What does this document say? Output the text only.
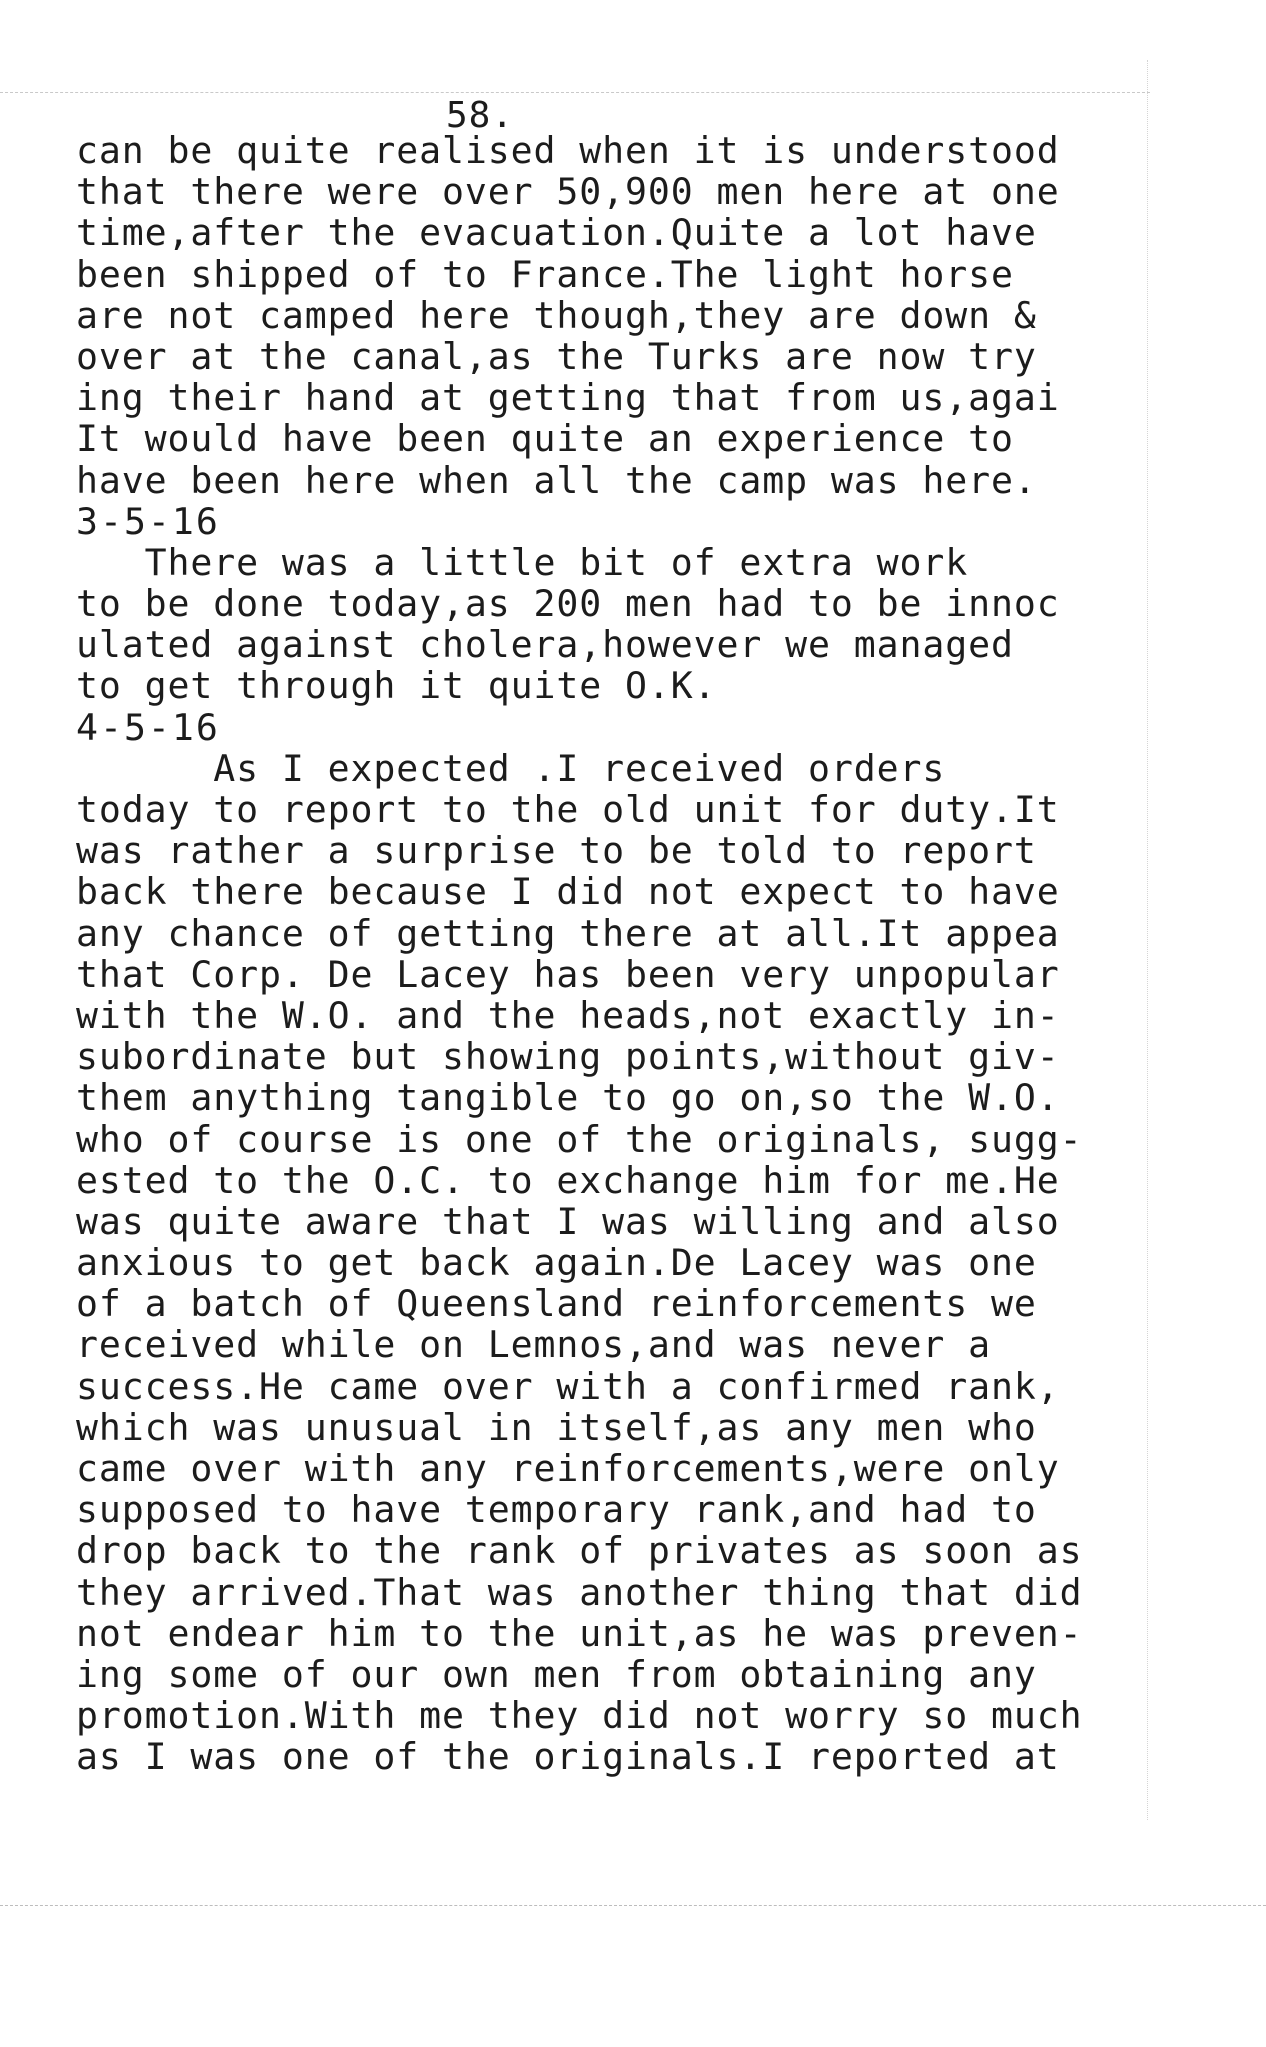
58.
can be quite realised when it is understood
that there were over 50,900 men here at one
time,after the evacuation.Quite a lot have
been shipped of to France.The light horse
are not camped here though,they are down &
over at the canal,as the Turks are now try
ing their hand at getting that from us,agai
It would have been quite an experience to
have been here when all the camp was here.
3-5-16
There was a little bit of extra work
to be done today,as 200 men had to be innoc
ulated against cholera,however we managed
to get through it quite O.K.
4-5-16
As I expected .I received orders
today to report to the old unit for duty.It
was rather a surprise to be told to report
back there because I did not expect to have
any chance of getting there at all.It appea
that Corp. De Lacey has been very unpopular
with the W.O. and the heads,not exactly in-
subordinate but showing points,without giv-
them anything tangible to go on,so the W.O.
who of course is one of the originals, sugg-
ested to the O.C. to exchange him for me.He
was quite aware that I was willing and also
anxious to get back again.De Lacey was one
of a batch of Queensland reinforcements we
received while on Lemnos,and was never a
success.He came over with a confirmed rank,
which was unusual in itself,as any men who
came over with any reinforcements,were only
supposed to have temporary rank,and had to
drop back to the rank of privates as soon as
they arrived.That was another thing that did
not endear him to the unit,as he was preven-
ing some of our own men from obtaining any
promotion.With me they did not worry so much
as I was one of the originals.I reported at
